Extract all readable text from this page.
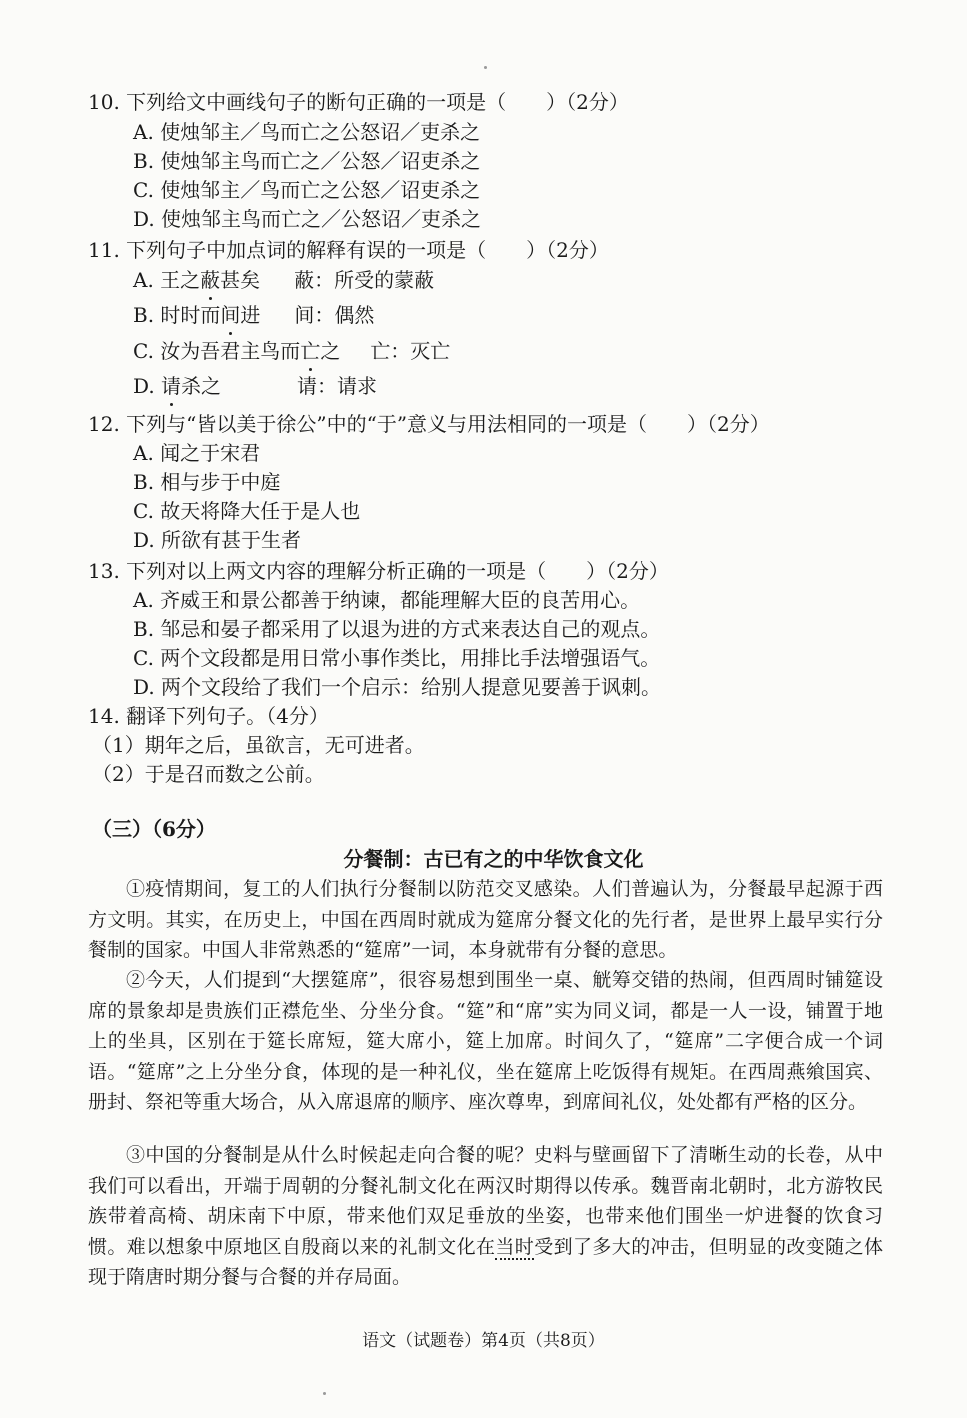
10. 下列给文中画线句子的断句正确的一项是（　　）（2分）
A. 使烛邹主／鸟而亡之公怒诏／吏杀之
B. 使烛邹主鸟而亡之／公怒／诏吏杀之
C. 使烛邹主／鸟而亡之公怒／诏吏杀之
D. 使烛邹主鸟而亡之／公怒诏／吏杀之
11. 下列句子中加点词的解释有误的一项是（　　）（2分）
A. 王之蔽甚矣 蔽：所受的蒙蔽
B. 时时而间进 间：偶然
C. 汝为吾君主鸟而亡之 亡：灭亡
D. 请杀之	请：请求
12. 下列与“皆以美于徐公”中的“于”意义与用法相同的一项是（　　）（2分）
A. 闻之于宋君
B. 相与步于中庭
C. 故天将降大任于是人也
D. 所欲有甚于生者
13. 下列对以上两文内容的理解分析正确的一项是（　　）（2分）
A. 齐威王和景公都善于纳谏，都能理解大臣的良苦用心。
B. 邹忌和晏子都采用了以退为进的方式来表达自己的观点。
C. 两个文段都是用日常小事作类比，用排比手法增强语气。
D. 两个文段给了我们一个启示：给别人提意见要善于讽刺。
14. 翻译下列句子。（4分）
（1）期年之后，虽欲言，无可进者。
（2）于是召而数之公前。
（三）（6分）
分餐制：古已有之的中华饮食文化

①疫情期间，复工的人们执行分餐制以防范交叉感染。人们普遍认为，分餐最早起源于西方文明。其实，在历史上，中国在西周时就成为筵席分餐文化的先行者，是世界上最早实行分餐制的国家。中国人非常熟悉的“筵席”一词，本身就带有分餐的意思。

②今天，人们提到“大摆筵席”，很容易想到围坐一桌、觥筹交错的热闹，但西周时铺筵设席的景象却是贵族们正襟危坐、分坐分食。“筵”和“席”实为同义词，都是一人一设，铺置于地上的坐具，区别在于筵长席短，筵大席小，筵上加席。时间久了，“筵席”二字便合成一个词语。“筵席”之上分坐分食，体现的是一种礼仪，坐在筵席上吃饭得有规矩。在西周燕飨国宾、册封、祭祀等重大场合，从入席退席的顺序、座次尊卑，到席间礼仪，处处都有严格的区分。

③中国的分餐制是从什么时候起走向合餐的呢？史料与壁画留下了清晰生动的长卷，从中我们可以看出，开端于周朝的分餐礼制文化在两汉时期得以传承。魏晋南北朝时，北方游牧民族带着高椅、胡床南下中原，带来他们双足垂放的坐姿，也带来他们围坐一炉进餐的饮食习惯。难以想象中原地区自殷商以来的礼制文化在当时受到了多大的冲击，但明显的改变随之体现于隋唐时期分餐与合餐的并存局面。

语文（试题卷）第4页（共8页）
